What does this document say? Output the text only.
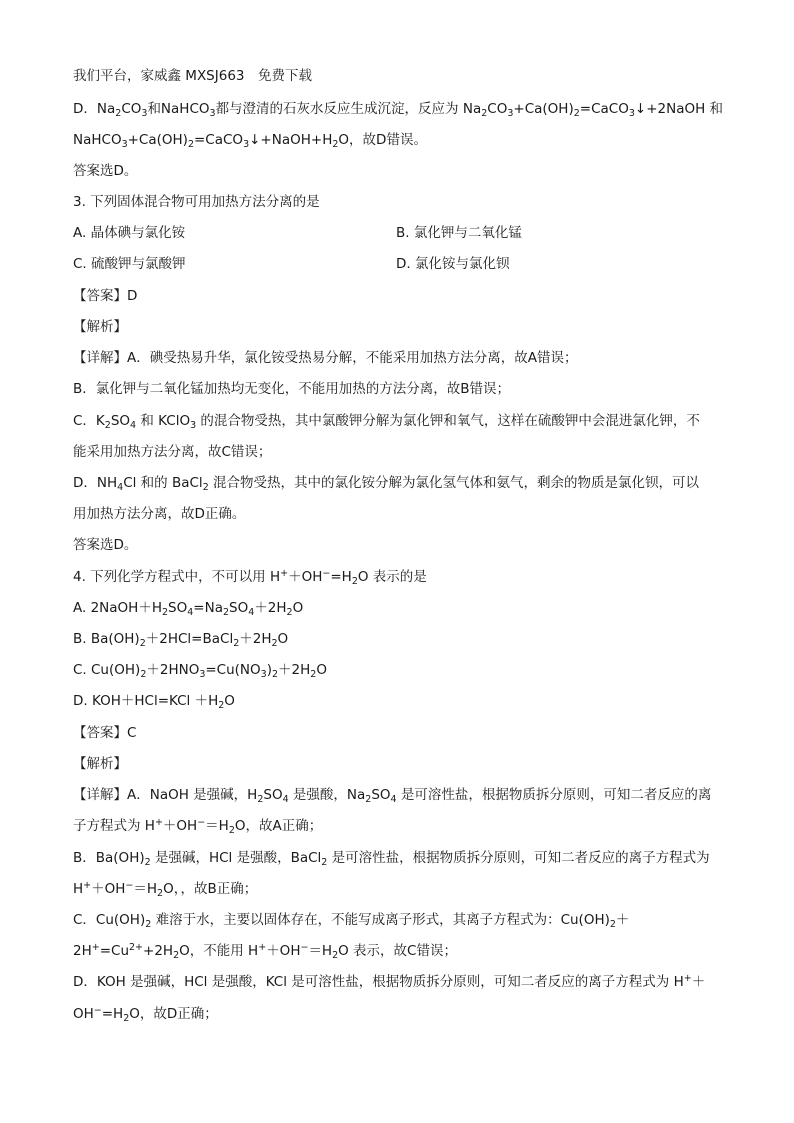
我们平台，家威鑫 MXSJ663　免费下载
D．$Na_2CO_3$和NaHCO$_3$都与澄清的石灰水反应生成沉淀，反应为 $Na_2CO_3+Ca(OH)_2=CaCO_3↓+2NaOH$ 和
$NaHCO_3+Ca(OH)_2=CaCO_3↓+NaOH+H_2O$，故D错误。
答案选D。
3. 下列固体混合物可用加热方法分离的是
A. 晶体碘与氯化铵	B. 氯化钾与二氧化锰
C. 硫酸钾与氯酸钾	D. 氯化铵与氯化钡
【答案】D
【解析】
【详解】A．碘受热易升华，氯化铵受热易分解，不能采用加热方法分离，故A错误；
B．氯化钾与二氧化锰加热均无变化，不能用加热的方法分离，故B错误；
C．$K_2SO_4$ 和 KClO$_3$ 的混合物受热，其中氯酸钾分解为氯化钾和氧气，这样在硫酸钾中会混进氯化钾，不
能采用加热方法分离，故C错误；
D．$NH_4Cl$ 和的 BaCl$_2$ 混合物受热，其中的氯化铵分解为氯化氢气体和氨气，剩余的物质是氯化钡，可以
用加热方法分离，故D正确。
答案选D。
4. 下列化学方程式中，不可以用 $H^++OH^-=H_2O$ 表示的是
A. $2NaOH+H_2SO_4=Na_2SO_4+2H_2O$
B. $Ba(OH)_2+2HCl=BaCl_2+2H_2O$
C. $Cu(OH)_2+2HNO_3=Cu(NO_3)_2+2H_2O$
D. $KOH+HCl=KCl +H_2O$
【答案】C
【解析】
【详解】A．NaOH 是强碱，$H_2SO_4$ 是强酸，$Na_2SO_4$ 是可溶性盐，根据物质拆分原则，可知二者反应的离
子方程式为 $H^++OH^-=H_2O$，故A正确；
B．$Ba(OH)_2$ 是强碱，HCl 是强酸，BaCl$_2$ 是可溶性盐，根据物质拆分原则，可知二者反应的离子方程式为
$H^++OH^-=H_2O$，，故B正确；
C．$Cu(OH)_2$ 难溶于水，主要以固体存在，不能写成离子形式，其离子方程式为：$Cu(OH)_2+$
$2H^+=Cu^{2+}+2H_2O$，不能用 $H^++OH^-=H_2O$ 表示，故C错误；
D．KOH 是强碱，HCl 是强酸，KCl 是可溶性盐，根据物质拆分原则，可知二者反应的离子方程式为 H+＋
$OH^-=H_2O$，故D正确；
